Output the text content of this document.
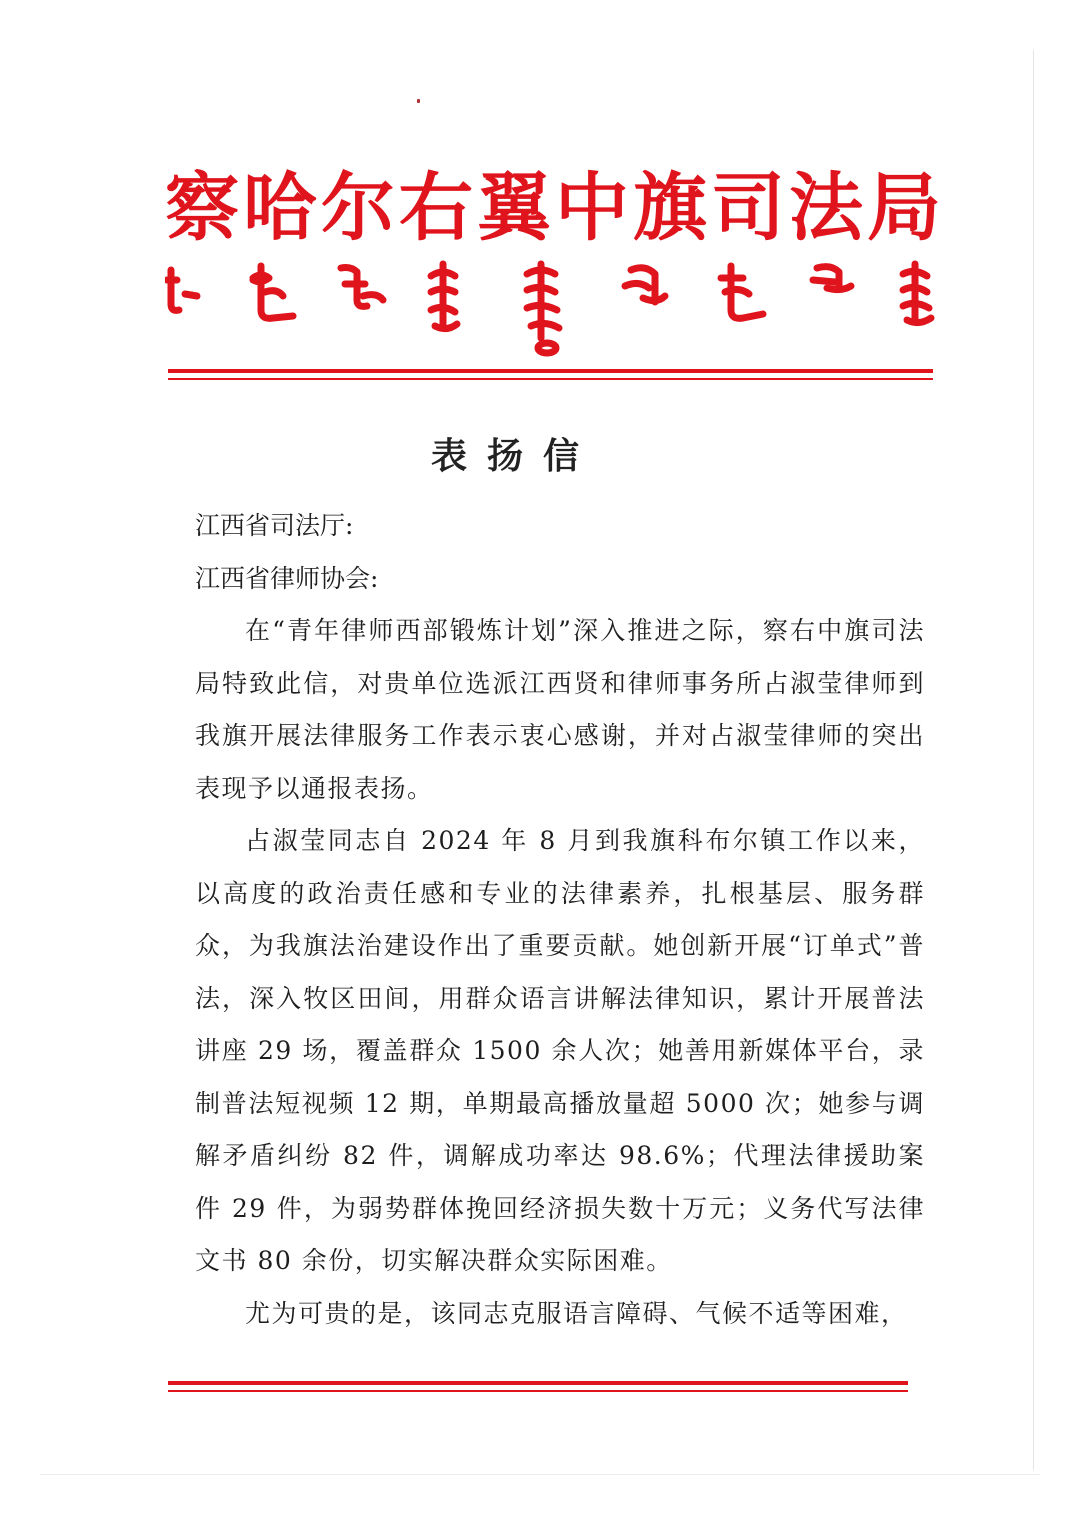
察哈尔右翼中旗司法局
表扬信

江西省司法厅:

江西省律师协会:

在“青年律师西部锻炼计划”深入推进之际，察右中旗司法局特致此信，对贵单位选派江西贤和律师事务所占淑莹律师到我旗开展法律服务工作表示衷心感谢，并对占淑莹律师的突出表现予以通报表扬。

占淑莹同志自 2024 年 8 月到我旗科布尔镇工作以来，以高度的政治责任感和专业的法律素养，扎根基层、服务群众，为我旗法治建设作出了重要贡献。她创新开展“订单式”普法，深入牧区田间，用群众语言讲解法律知识，累计开展普法讲座 29 场，覆盖群众 1500 余人次；她善用新媒体平台，录制普法短视频 12 期，单期最高播放量超 5000 次；她参与调解矛盾纠纷 82 件，调解成功率达 98.6%；代理法律援助案件 29 件，为弱势群体挽回经济损失数十万元；义务代写法律文书 80 余份，切实解决群众实际困难。

尤为可贵的是，该同志克服语言障碍、气候不适等困难，
